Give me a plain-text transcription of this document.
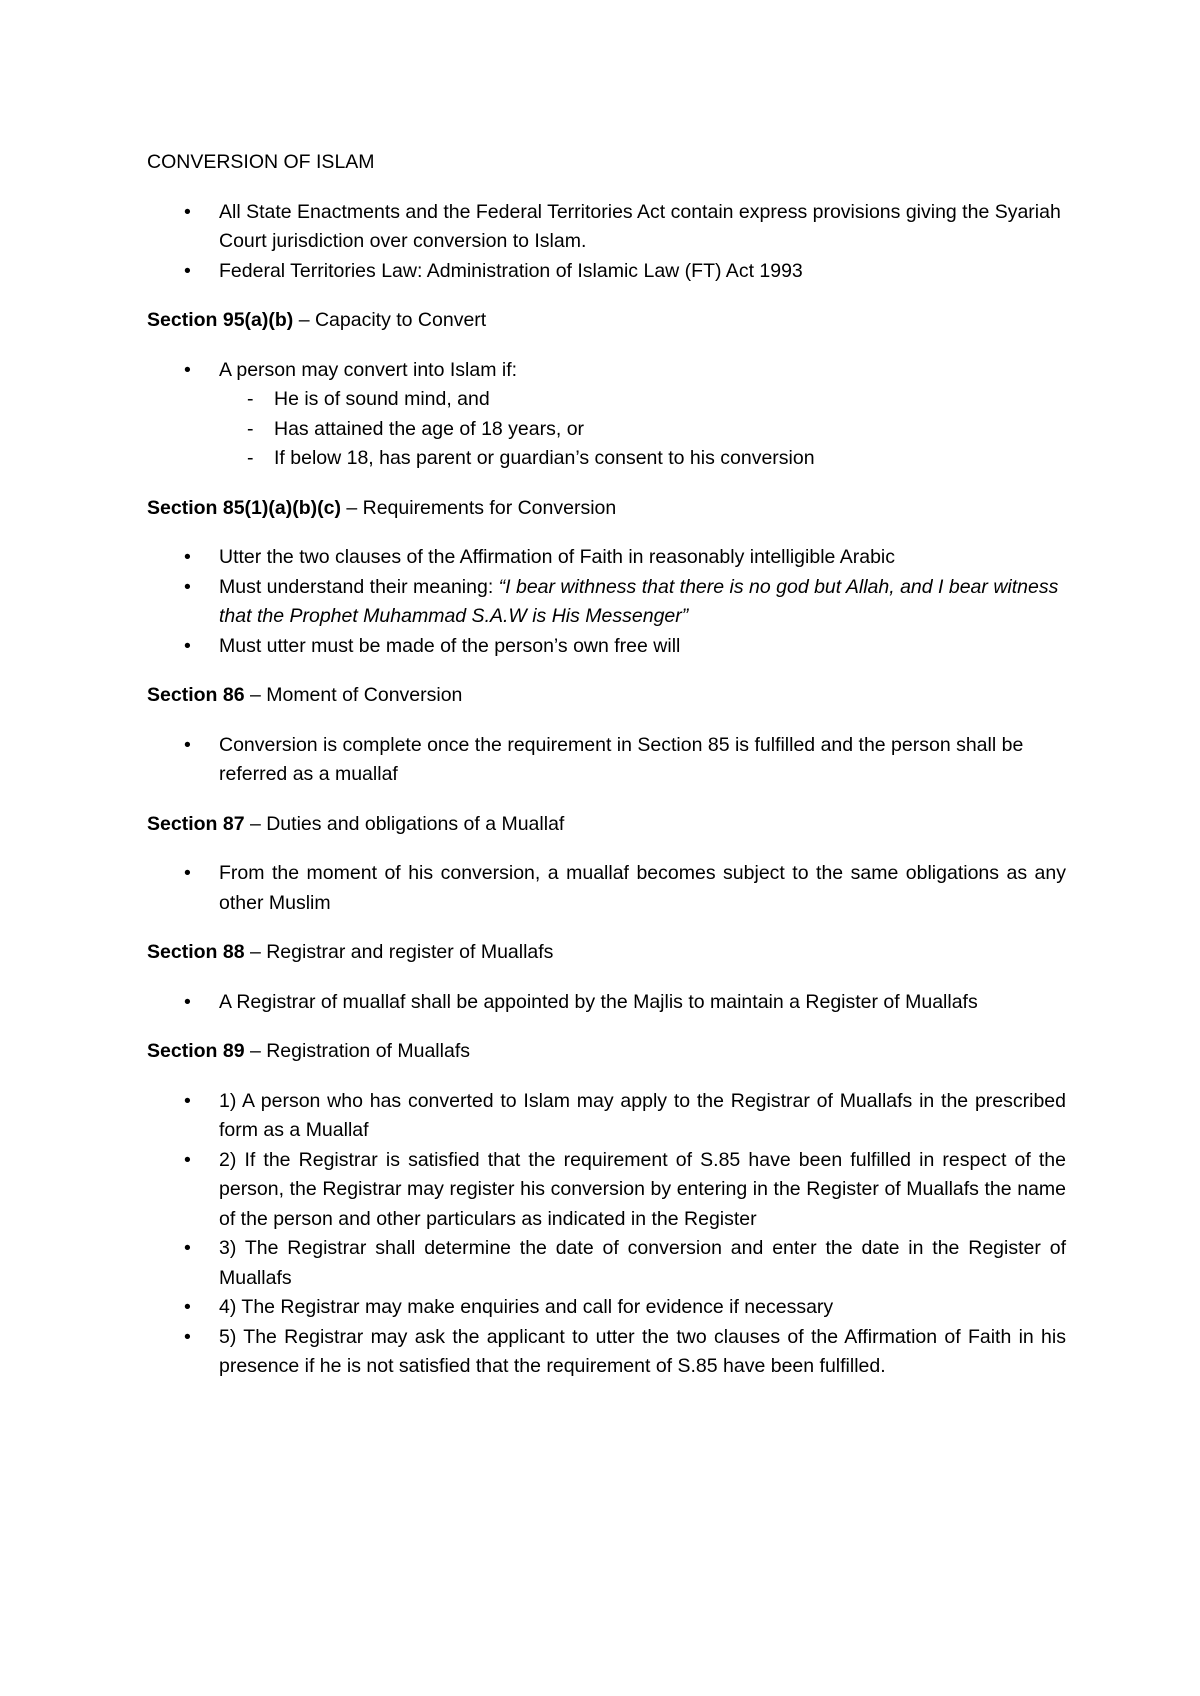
CONVERSION OF ISLAM

• All State Enactments and the Federal Territories Act contain express provisions giving the Syariah Court jurisdiction over conversion to Islam.
• Federal Territories Law: Administration of Islamic Law (FT) Act 1993

Section 95(a)(b) – Capacity to Convert

• A person may convert into Islam if:
- He is of sound mind, and
- Has attained the age of 18 years, or
- If below 18, has parent or guardian’s consent to his conversion

Section 85(1)(a)(b)(c) – Requirements for Conversion

• Utter the two clauses of the Affirmation of Faith in reasonably intelligible Arabic
• Must understand their meaning: “I bear withness that there is no god but Allah, and I bear witness that the Prophet Muhammad S.A.W is His Messenger”
• Must utter must be made of the person’s own free will

Section 86 – Moment of Conversion

• Conversion is complete once the requirement in Section 85 is fulfilled and the person shall be referred as a muallaf

Section 87 – Duties and obligations of a Muallaf

• From the moment of his conversion, a muallaf becomes subject to the same obligations as any other Muslim

Section 88 – Registrar and register of Muallafs

• A Registrar of muallaf shall be appointed by the Majlis to maintain a Register of Muallafs

Section 89 – Registration of Muallafs

• 1) A person who has converted to Islam may apply to the Registrar of Muallafs in the prescribed form as a Muallaf
• 2) If the Registrar is satisfied that the requirement of S.85 have been fulfilled in respect of the person, the Registrar may register his conversion by entering in the Register of Muallafs the name of the person and other particulars as indicated in the Register
• 3) The Registrar shall determine the date of conversion and enter the date in the Register of Muallafs
• 4) The Registrar may make enquiries and call for evidence if necessary
• 5) The Registrar may ask the applicant to utter the two clauses of the Affirmation of Faith in his presence if he is not satisfied that the requirement of S.85 have been fulfilled.
